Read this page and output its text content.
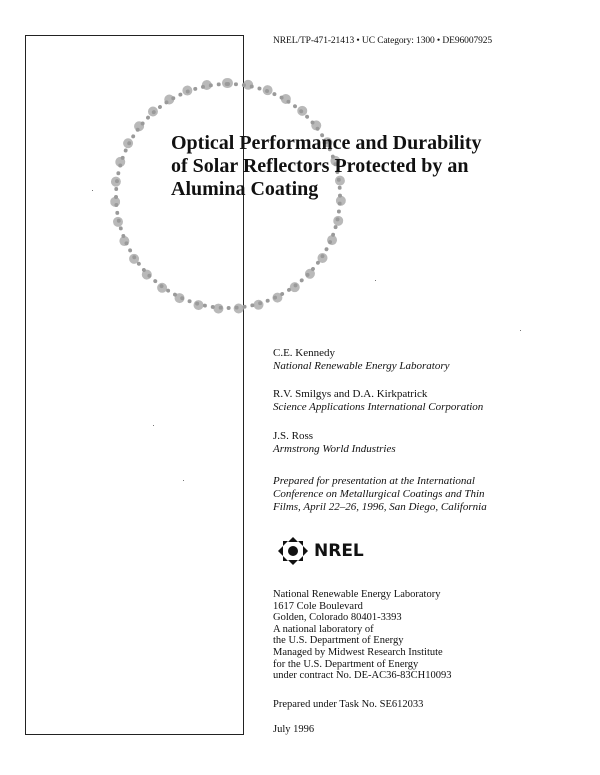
NREL/TP-471-21413 • UC Category: 1300 • DE96007925
Optical Performance and Durability
of Solar Reflectors Protected by an
Alumina Coating
C.E. Kennedy
National Renewable Energy Laboratory
R.V. Smilgys and D.A. Kirkpatrick
Science Applications International Corporation
J.S. Ross
Armstrong World Industries
Prepared for presentation at the International
Conference on Metallurgical Coatings and Thin
Films, April 22–26, 1996, San Diego, California
NREL
National Renewable Energy Laboratory
1617 Cole Boulevard
Golden, Colorado 80401-3393
A national laboratory of
the U.S. Department of Energy
Managed by Midwest Research Institute
for the U.S. Department of Energy
under contract No. DE-AC36-83CH10093
Prepared under Task No. SE612033
July 1996
